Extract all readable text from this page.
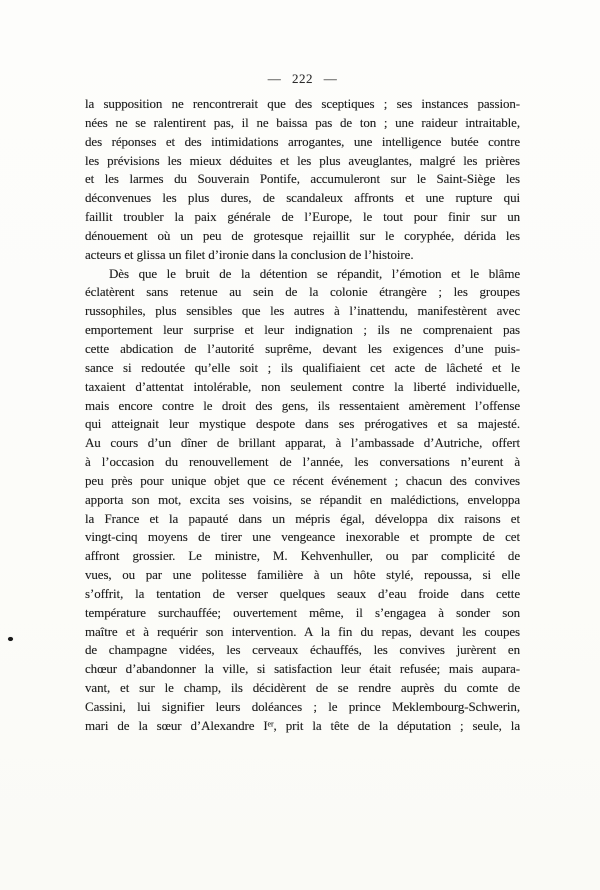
— 222 —
la supposition ne rencontrerait que des sceptiques ; ses instances passion-
nées ne se ralentirent pas, il ne baissa pas de ton ; une raideur intraitable,
des réponses et des intimidations arrogantes, une intelligence butée contre
les prévisions les mieux déduites et les plus aveuglantes, malgré les prières
et les larmes du Souverain Pontife, accumuleront sur le Saint-Siège les
déconvenues les plus dures, de scandaleux affronts et une rupture qui
faillit troubler la paix générale de l’Europe, le tout pour finir sur un
dénouement où un peu de grotesque rejaillit sur le coryphée, dérida les
acteurs et glissa un filet d’ironie dans la conclusion de l’histoire.
Dès que le bruit de la détention se répandit, l’émotion et le blâme
éclatèrent sans retenue au sein de la colonie étrangère ; les groupes
russophiles, plus sensibles que les autres à l’inattendu, manifestèrent avec
emportement leur surprise et leur indignation ; ils ne comprenaient pas
cette abdication de l’autorité suprême, devant les exigences d’une puis-
sance si redoutée qu’elle soit ; ils qualifiaient cet acte de lâcheté et le
taxaient d’attentat intolérable, non seulement contre la liberté individuelle,
mais encore contre le droit des gens, ils ressentaient amèrement l’offense
qui atteignait leur mystique despote dans ses prérogatives et sa majesté.
Au cours d’un dîner de brillant apparat, à l’ambassade d’Autriche, offert
à l’occasion du renouvellement de l’année, les conversations n’eurent à
peu près pour unique objet que ce récent événement ; chacun des convives
apporta son mot, excita ses voisins, se répandit en malédictions, enveloppa
la France et la papauté dans un mépris égal, développa dix raisons et
vingt-cinq moyens de tirer une vengeance inexorable et prompte de cet
affront grossier. Le ministre, M. Kehvenhuller, ou par complicité de
vues, ou par une politesse familière à un hôte stylé, repoussa, si elle
s’offrit, la tentation de verser quelques seaux d’eau froide dans cette
température surchauffée; ouvertement même, il s’engagea à sonder son
maître et à requérir son intervention. A la fin du repas, devant les coupes
de champagne vidées, les cerveaux échauffés, les convives jurèrent en
chœur d’abandonner la ville, si satisfaction leur était refusée; mais aupara-
vant, et sur le champ, ils décidèrent de se rendre auprès du comte de
Cassini, lui signifier leurs doléances ; le prince Meklembourg-Schwerin,
mari de la sœur d’Alexandre Iᵉʳ, prit la tête de la députation ; seule, la
